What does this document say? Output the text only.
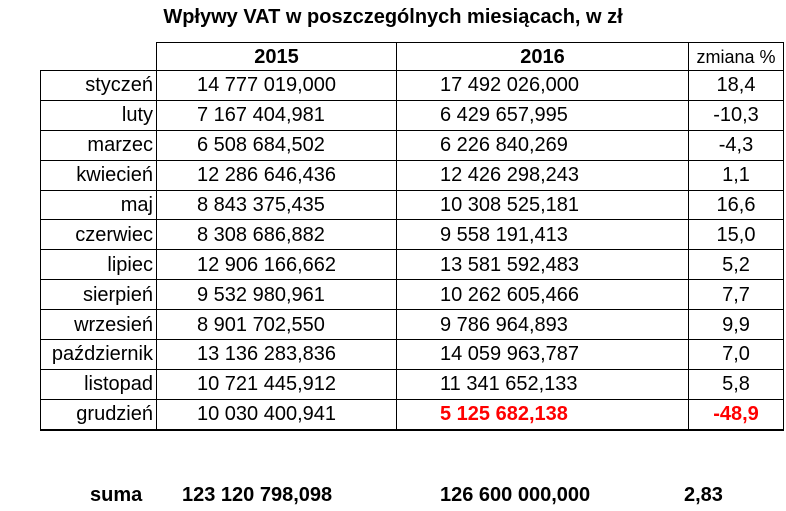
Wpływy VAT w poszczególnych miesiącach, w zł
	2015	2016	zmiana %
styczeń	14 777 019,000	17 492 026,000	18,4
luty	7 167 404,981	6 429 657,995	-10,3
marzec	6 508 684,502	6 226 840,269	-4,3
kwiecień	12 286 646,436	12 426 298,243	1,1
maj	8 843 375,435	10 308 525,181	16,6
czerwiec	8 308 686,882	9 558 191,413	15,0
lipiec	12 906 166,662	13 581 592,483	5,2
sierpień	9 532 980,961	10 262 605,466	7,7
wrzesień	8 901 702,550	9 786 964,893	9,9
październik	13 136 283,836	14 059 963,787	7,0
listopad	10 721 445,912	11 341 652,133	5,8
grudzień	10 030 400,941	5 125 682,138	-48,9
suma 123 120 798,098	126 600 000,000	2,83
